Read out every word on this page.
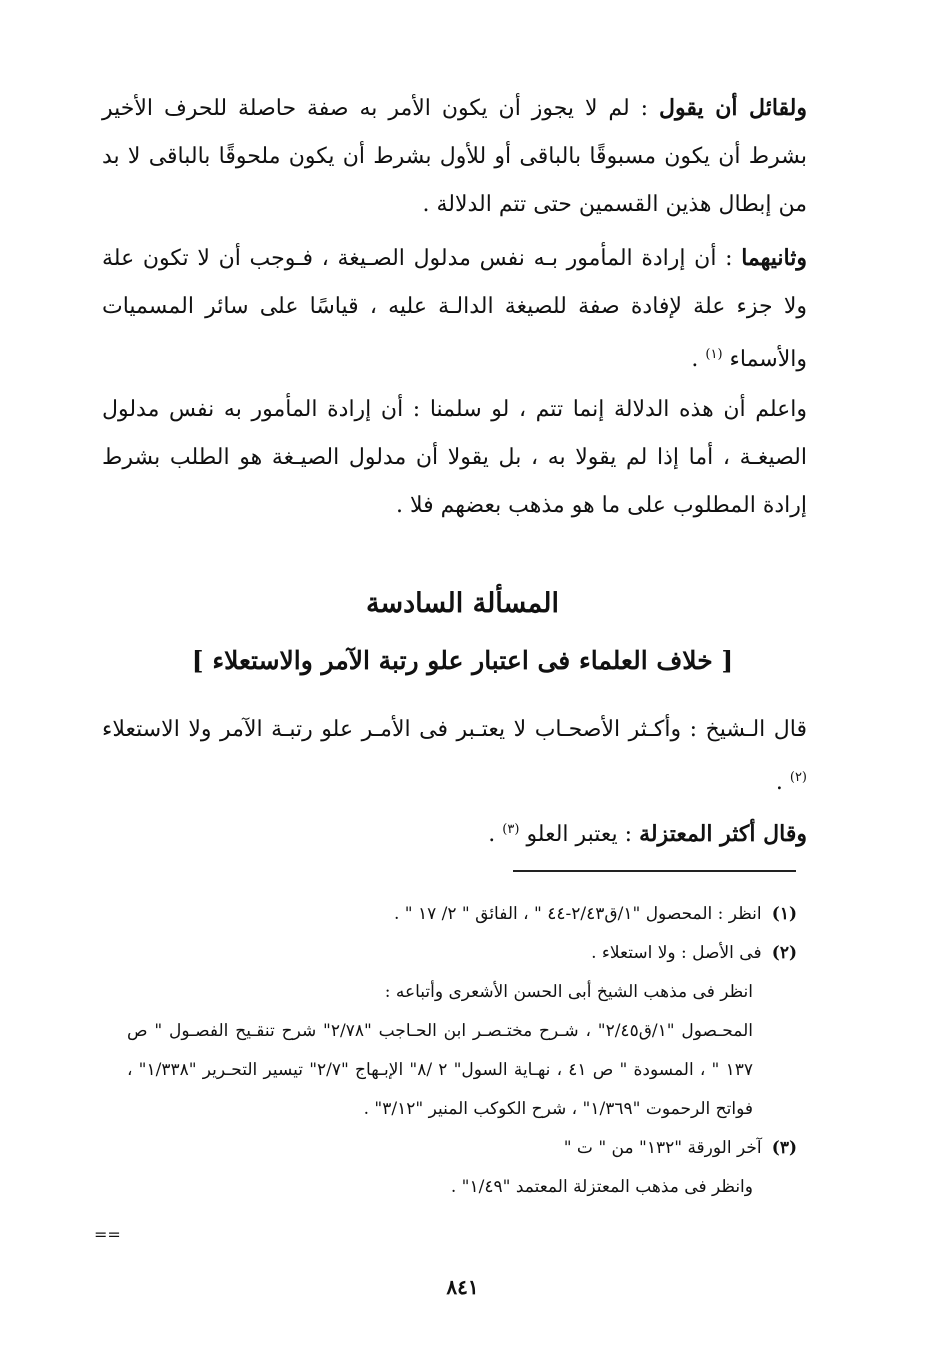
ولقائل أن يقول : لم لا يجوز أن يكون الأمر به صفة حاصلة للحرف الأخير بشرط أن يكون مسبوقًا بالباقى أو للأول بشرط أن يكون ملحوقًا بالباقى لا بد من إبطال هذين القسمين حتى تتم الدلالة .

وثانيهما : أن إرادة المأمور بـه نفس مدلول الصـيغة ، فـوجب أن لا تكون علة ولا جزء علة لإفادة صفة للصيغة الدالـة عليه ، قياسًا على سائر المسميات والأسماء $^{(١)}$ .

واعلم أن هذه الدلالة إنما تتم ، لو سلمنا : أن إرادة المأمور به نفس مدلول الصيغـة ، أما إذا لم يقولا به ، بل يقولا أن مدلول الصيـغة هو الطلب بشرط إرادة المطلوب على ما هو مذهب بعضهم فلا .

المسألة السادسة
[ خلاف العلماء فى اعتبار علو رتبة الآمر والاستعلاء ]

قال الـشيخ : وأكـثر الأصحـاب لا يعتـبر فى الأمـر علو رتبـة الآمر ولا الاستعلاء $^{(٢)}$ .

وقال أكثر المعتزلة : يعتبر العلو $^{(٣)}$ .

(١) انظر : المحصول "١/ق٢/٤٣-٤٤ " ، الفائق " ٢/ ١٧ " .
(٢) فى الأصل : ولا استعلاء .
انظر فى مذهب الشيخ أبى الحسن الأشعرى وأتباعه :
المحـصول "١/ق٢/٤٥" ، شـرح مختـصـر ابن الحـاجب "٢/٧٨" شرح تنقـيح الفصـول " ص ١٣٧ " ، المسودة " ص ٤١ ، نهـاية السول" ٢ /٨" الإبـهاج "٢/٧" تيسير التحـرير "١/٣٣٨" ، فواتح الرحموت "١/٣٦٩" ، شرح الكوكب المنير "٣/١٢" .
(٣) آخر الورقة "١٣٢" من " ت "
وانظر فى مذهب المعتزلة المعتمد "١/٤٩" .
==
٨٤١
